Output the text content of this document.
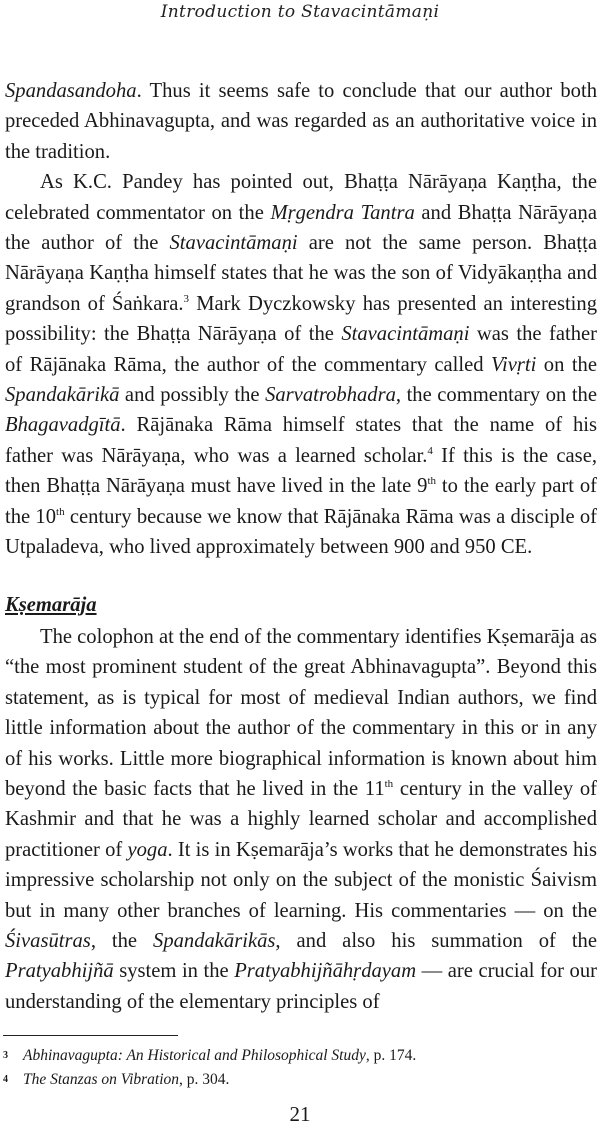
Introduction to Stavacintāmaṇi

Spandasandoha. Thus it seems safe to conclude that our author both preceded Abhinavagupta, and was regarded as an authoritative voice in the tradition.

As K.C. Pandey has pointed out, Bhaṭṭa Nārāyaṇa Kaṇṭha, the celebrated commentator on the Mṛgendra Tantra and Bhaṭṭa Nārāyaṇa the author of the Stavacintāmaṇi are not the same person. Bhaṭṭa Nārāyaṇa Kaṇṭha himself states that he was the son of Vidyākaṇṭha and grandson of Śaṅkara.$^3$ Mark Dyczkowsky has presented an interesting possibility: the Bhaṭṭa Nārāyaṇa of the Stavacintāmaṇi was the father of Rājānaka Rāma, the author of the commentary called Vivṛti on the Spandakārikā and possibly the Sarvatrobhadra, the commentary on the Bhagavadgītā. Rājānaka Rāma himself states that the name of his father was Nārāyaṇa, who was a learned scholar.$^4$ If this is the case, then Bhaṭṭa Nārāyaṇa must have lived in the late 9th to the early part of the 10th century because we know that Rājānaka Rāma was a disciple of Utpaladeva, who lived approximately between 900 and 950 CE.

Kṣemarāja

The colophon at the end of the commentary identifies Kṣemarāja as “the most prominent student of the great Abhinavagupta”. Beyond this statement, as is typical for most of medieval Indian authors, we find little information about the author of the commentary in this or in any of his works. Little more biographical information is known about him beyond the basic facts that he lived in the 11th century in the valley of Kashmir and that he was a highly learned scholar and accomplished practitioner of yoga. It is in Kṣemarāja’s works that he demonstrates his impressive scholarship not only on the subject of the monistic Śaivism but in many other branches of learning. His commentaries — on the Śivasūtras, the Spandakārikās, and also his summation of the Pratyabhijñā system in the Pratyabhijñāhṛdayam — are crucial for our understanding of the elementary principles of

3 Abhinavagupta: An Historical and Philosophical Study, p. 174.
4 The Stanzas on Vibration, p. 304.
21
